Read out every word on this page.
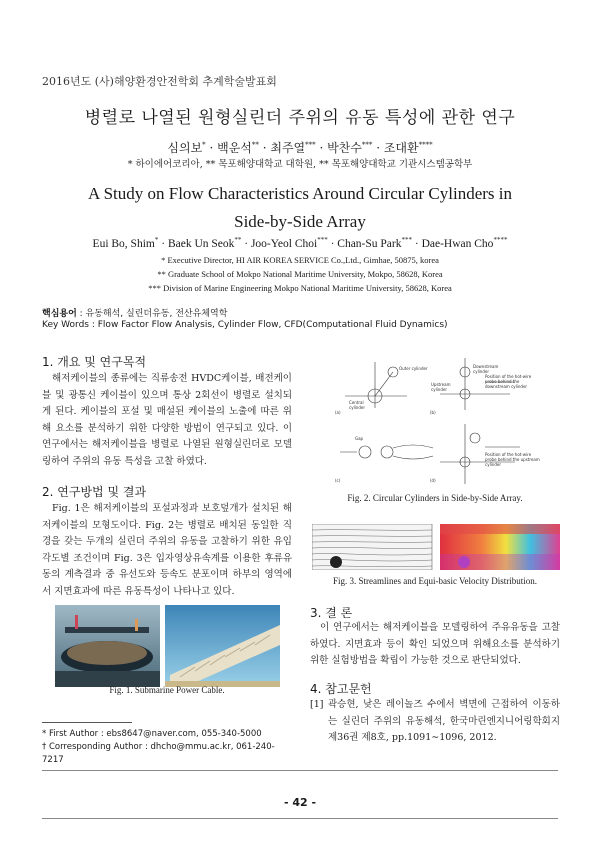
2016년도 (사)해양환경안전학회 추계학술발표회
병렬로 나열된 원형실린더 주위의 유동 특성에 관한 연구
심의보* · 백운석** · 최주열*** · 박찬수*** · 조대환****
* 하이에어코리아, ** 목포해양대학교 대학원, ** 목포해양대학교 기관시스템공학부
A Study on Flow Characteristics Around Circular Cylinders in
Side-by-Side Array
Eui Bo, Shim* · Baek Un Seok** · Joo-Yeol Choi*** · Chan-Su Park*** · Dae-Hwan Cho****
* Executive Director, HI AIR KOREA SERVICE Co.,Ltd., Gimhae, 50875, korea
** Graduate School of Mokpo National Maritime University, Mokpo, 58628, Korea
*** Division of Marine Engineering Mokpo National Maritime University, 58628, Korea
핵심용어 : 유동해석, 실린더유동, 전산유체역학
Key Words : Flow Factor Flow Analysis, Cylinder Flow, CFD(Computational Fluid Dynamics)
1. 개요 및 연구목적
해저케이블의 종류에는 직류송전 HVDC케이블, 배전케이블 및 광통신 케이블이 있으며 통상 2회선이 병렬로 설치되게 된다. 케이블의 포설 및 매설된 케이블의 노출에 따른 위해 요소를 분석하기 위한 다양한 방법이 연구되고 있다. 이 연구에서는 해저케이블을 병렬로 나열된 원형실린더로 모델링하여 주위의 유동 특성을 고찰 하였다.
2. 연구방법 및 결과
Fig. 1은 해저케이블의 포설과정과 보호덮개가 설치된 해저케이블의 모형도이다. Fig. 2는 병렬로 배치된 동일한 직경을 갖는 두개의 실린더 주위의 유동을 고찰하기 위한 유입각도별 조건이며 Fig. 3은 입자영상유속계를 이용한 후류유동의 계측결과 중 유선도와 등속도 분포이며 하부의 영역에서 지면효과에 따른 유동특성이 나타나고 있다.
Fig. 1. Submarine Power Cable.
(a)	(b)
(c)	(d)
Outer cylinder
Central cylinder
Downstream cylinder
Upstream cylinder
Gap
Position of the hot-wire probe behind the downstream cylinder
Position of the hot-wire probe behind the upstream cylinder
Fig. 2. Circular Cylinders in Side-by-Side Array.
Fig. 3. Streamlines and Equi-basic Velocity Distribution.
3. 결 론
이 연구에서는 해저케이블을 모델링하여 주유유동을 고찰하였다. 지면효과 등이 확인 되었으며 위해요소를 분석하기 위한 실험방법을 확립이 가능한 것으로 판단되었다.
4. 참고문헌
[1] 곽승현, 낮은 레이놀즈 수에서 벽면에 근접하여 이동하는 실린더 주위의 유동해석, 한국마린엔지니어링학회지 제36권 제8호, pp.1091∼1096, 2012.
* First Author : ebs8647@naver.com, 055-340-5000
† Corresponding Author : dhcho@mmu.ac.kr, 061-240-7217
- 42 -
